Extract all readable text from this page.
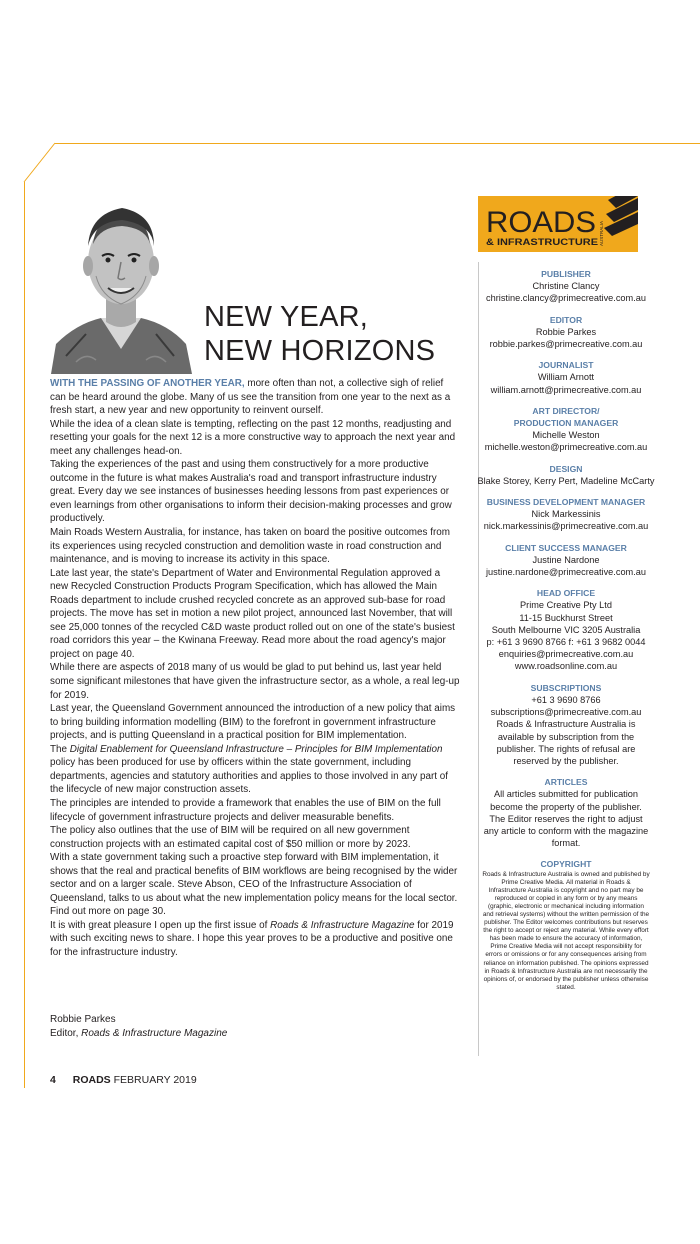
NEW YEAR,
NEW HORIZONS

WITH THE PASSING OF ANOTHER YEAR, more often than not, a collective sigh of relief can be heard around the globe. Many of us see the transition from one year to the next as a fresh start, a new year and new opportunity to reinvent ourself.

While the idea of a clean slate is tempting, reflecting on the past 12 months, readjusting and resetting your goals for the next 12 is a more constructive way to approach the next year and meet any challenges head-on.

Taking the experiences of the past and using them constructively for a more productive outcome in the future is what makes Australia's road and transport infrastructure industry great. Every day we see instances of businesses heeding lessons from past experiences or even learnings from other organisations to inform their decision-making processes and grow productively.

Main Roads Western Australia, for instance, has taken on board the positive outcomes from its experiences using recycled construction and demolition waste in road construction and maintenance, and is moving to increase its activity in this space.

Late last year, the state's Department of Water and Environmental Regulation approved a new Recycled Construction Products Program Specification, which has allowed the Main Roads department to include crushed recycled concrete as an approved sub-base for road projects. The move has set in motion a new pilot project, announced last November, that will see 25,000 tonnes of the recycled C&D waste product rolled out on one of the state's busiest road corridors this year – the Kwinana Freeway. Read more about the road agency's major project on page 40.

While there are aspects of 2018 many of us would be glad to put behind us, last year held some significant milestones that have given the infrastructure sector, as a whole, a real leg-up for 2019.

Last year, the Queensland Government announced the introduction of a new policy that aims to bring building information modelling (BIM) to the forefront in government infrastructure projects, and is putting Queensland in a practical position for BIM implementation.

The Digital Enablement for Queensland Infrastructure – Principles for BIM Implementation policy has been produced for use by officers within the state government, including departments, agencies and statutory authorities and applies to those involved in any part of the lifecycle of new major construction assets.

The principles are intended to provide a framework that enables the use of BIM on the full lifecycle of government infrastructure projects and deliver measurable benefits.

The policy also outlines that the use of BIM will be required on all new government construction projects with an estimated capital cost of $50 million or more by 2023.

With a state government taking such a proactive step forward with BIM implementation, it shows that the real and practical benefits of BIM workflows are being recognised by the wider sector and on a larger scale. Steve Abson, CEO of the Infrastructure Association of Queensland, talks to us about what the new implementation policy means for the local sector. Find out more on page 30.

It is with great pleasure I open up the first issue of Roads & Infrastructure Magazine for 2019 with such exciting news to share. I hope this year proves to be a productive and positive one for the infrastructure industry.

Robbie Parkes
Editor, Roads & Infrastructure Magazine
4 ROADS FEBRUARY 2019
ROADS
& INFRASTRUCTURE AUSTRALIA
PUBLISHER
Christine Clancy
christine.clancy@primecreative.com.au
EDITOR
Robbie Parkes
robbie.parkes@primecreative.com.au
JOURNALIST
William Arnott
william.arnott@primecreative.com.au
ART DIRECTOR/
PRODUCTION MANAGER
Michelle Weston
michelle.weston@primecreative.com.au
DESIGN
Blake Storey, Kerry Pert, Madeline McCarty
BUSINESS DEVELOPMENT MANAGER
Nick Markessinis
nick.markessinis@primecreative.com.au
CLIENT SUCCESS MANAGER
Justine Nardone
justine.nardone@primecreative.com.au
HEAD OFFICE
Prime Creative Pty Ltd
11-15 Buckhurst Street
South Melbourne VIC 3205 Australia
p: +61 3 9690 8766 f: +61 3 9682 0044
enquiries@primecreative.com.au
www.roadsonline.com.au
SUBSCRIPTIONS
+61 3 9690 8766
subscriptions@primecreative.com.au
Roads & Infrastructure Australia is available by subscription from the publisher. The rights of refusal are reserved by the publisher.
ARTICLES
All articles submitted for publication become the property of the publisher. The Editor reserves the right to adjust any article to conform with the magazine format.
COPYRIGHT
Roads & Infrastructure Australia is owned and published by Prime Creative Media. All material in Roads & Infrastructure Australia is copyright and no part may be reproduced or copied in any form or by any means (graphic, electronic or mechanical including information and retrieval systems) without the written permission of the publisher. The Editor welcomes contributions but reserves the right to accept or reject any material. While every effort has been made to ensure the accuracy of information, Prime Creative Media will not accept responsibility for errors or omissions or for any consequences arising from reliance on information published. The opinions expressed in Roads & Infrastructure Australia are not necessarily the opinions of, or endorsed by the publisher unless otherwise stated.
